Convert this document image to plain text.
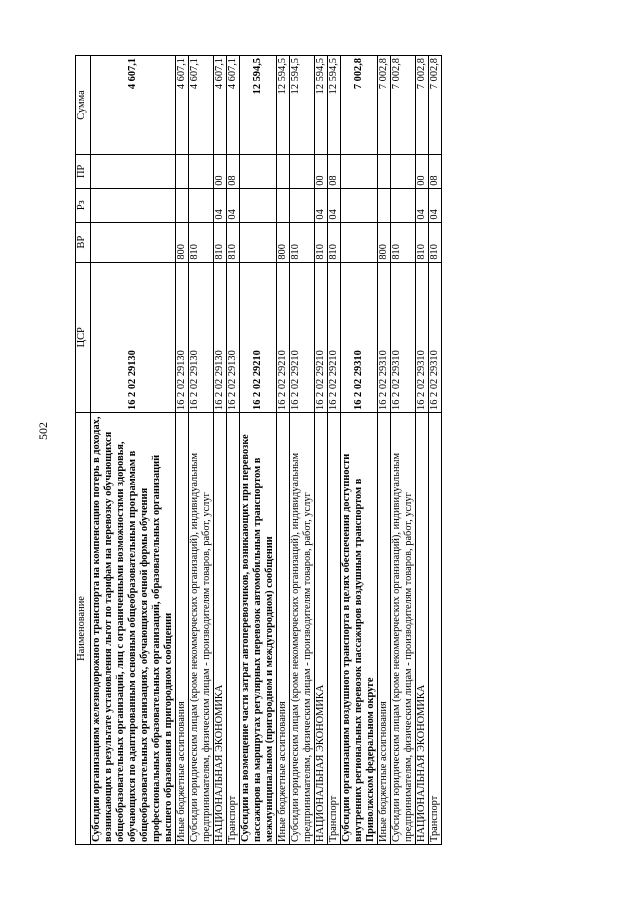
502
Наименование	ЦСР	ВР	Рз	ПР	Сумма
Субсидии организациям железнодорожного транспорта на компенсацию потерь в доходах, возникающих в результате установления льгот по тарифам на перевозку обучающихся общеобразовательных организаций, лиц с ограниченными возможностями здоровья, обучающихся по адаптированным основным общеобразовательным программам в общеобразовательных организациях, обучающихся очной формы обучения профессиональных образовательных организаций, образовательных организаций высшего образования в пригородном сообщении	16 2 02 29130				4 607,1
Иные бюджетные ассигнования	16 2 02 29130	800			4 607,1
Субсидии юридическим лицам (кроме некоммерческих организаций), индивидуальным предпринимателям, физическим лицам - производителям товаров, работ, услуг	16 2 02 29130	810			4 607,1
НАЦИОНАЛЬНАЯ ЭКОНОМИКА	16 2 02 29130	810	04	00	4 607,1
Транспорт	16 2 02 29130	810	04	08	4 607,1
Субсидии на возмещение части затрат автоперевозчиков, возникающих при перевозке пассажиров на маршрутах регулярных перевозок автомобильным транспортом в межмуниципальном (пригородном и междугородном) сообщении	16 2 02 29210				12 594,5
Иные бюджетные ассигнования	16 2 02 29210	800			12 594,5
Субсидии юридическим лицам (кроме некоммерческих организаций), индивидуальным предпринимателям, физическим лицам - производителям товаров, работ, услуг	16 2 02 29210	810			12 594,5
НАЦИОНАЛЬНАЯ ЭКОНОМИКА	16 2 02 29210	810	04	00	12 594,5
Транспорт	16 2 02 29210	810	04	08	12 594,5
Субсидии организациям воздушного транспорта в целях обеспечения доступности внутренних региональных перевозок пассажиров воздушным транспортом в Приволжском федеральном округе	16 2 02 29310				7 002,8
Иные бюджетные ассигнования	16 2 02 29310	800			7 002,8
Субсидии юридическим лицам (кроме некоммерческих организаций), индивидуальным предпринимателям, физическим лицам - производителям товаров, работ, услуг	16 2 02 29310	810			7 002,8
НАЦИОНАЛЬНАЯ ЭКОНОМИКА	16 2 02 29310	810	04	00	7 002,8
Транспорт	16 2 02 29310	810	04	08	7 002,8
